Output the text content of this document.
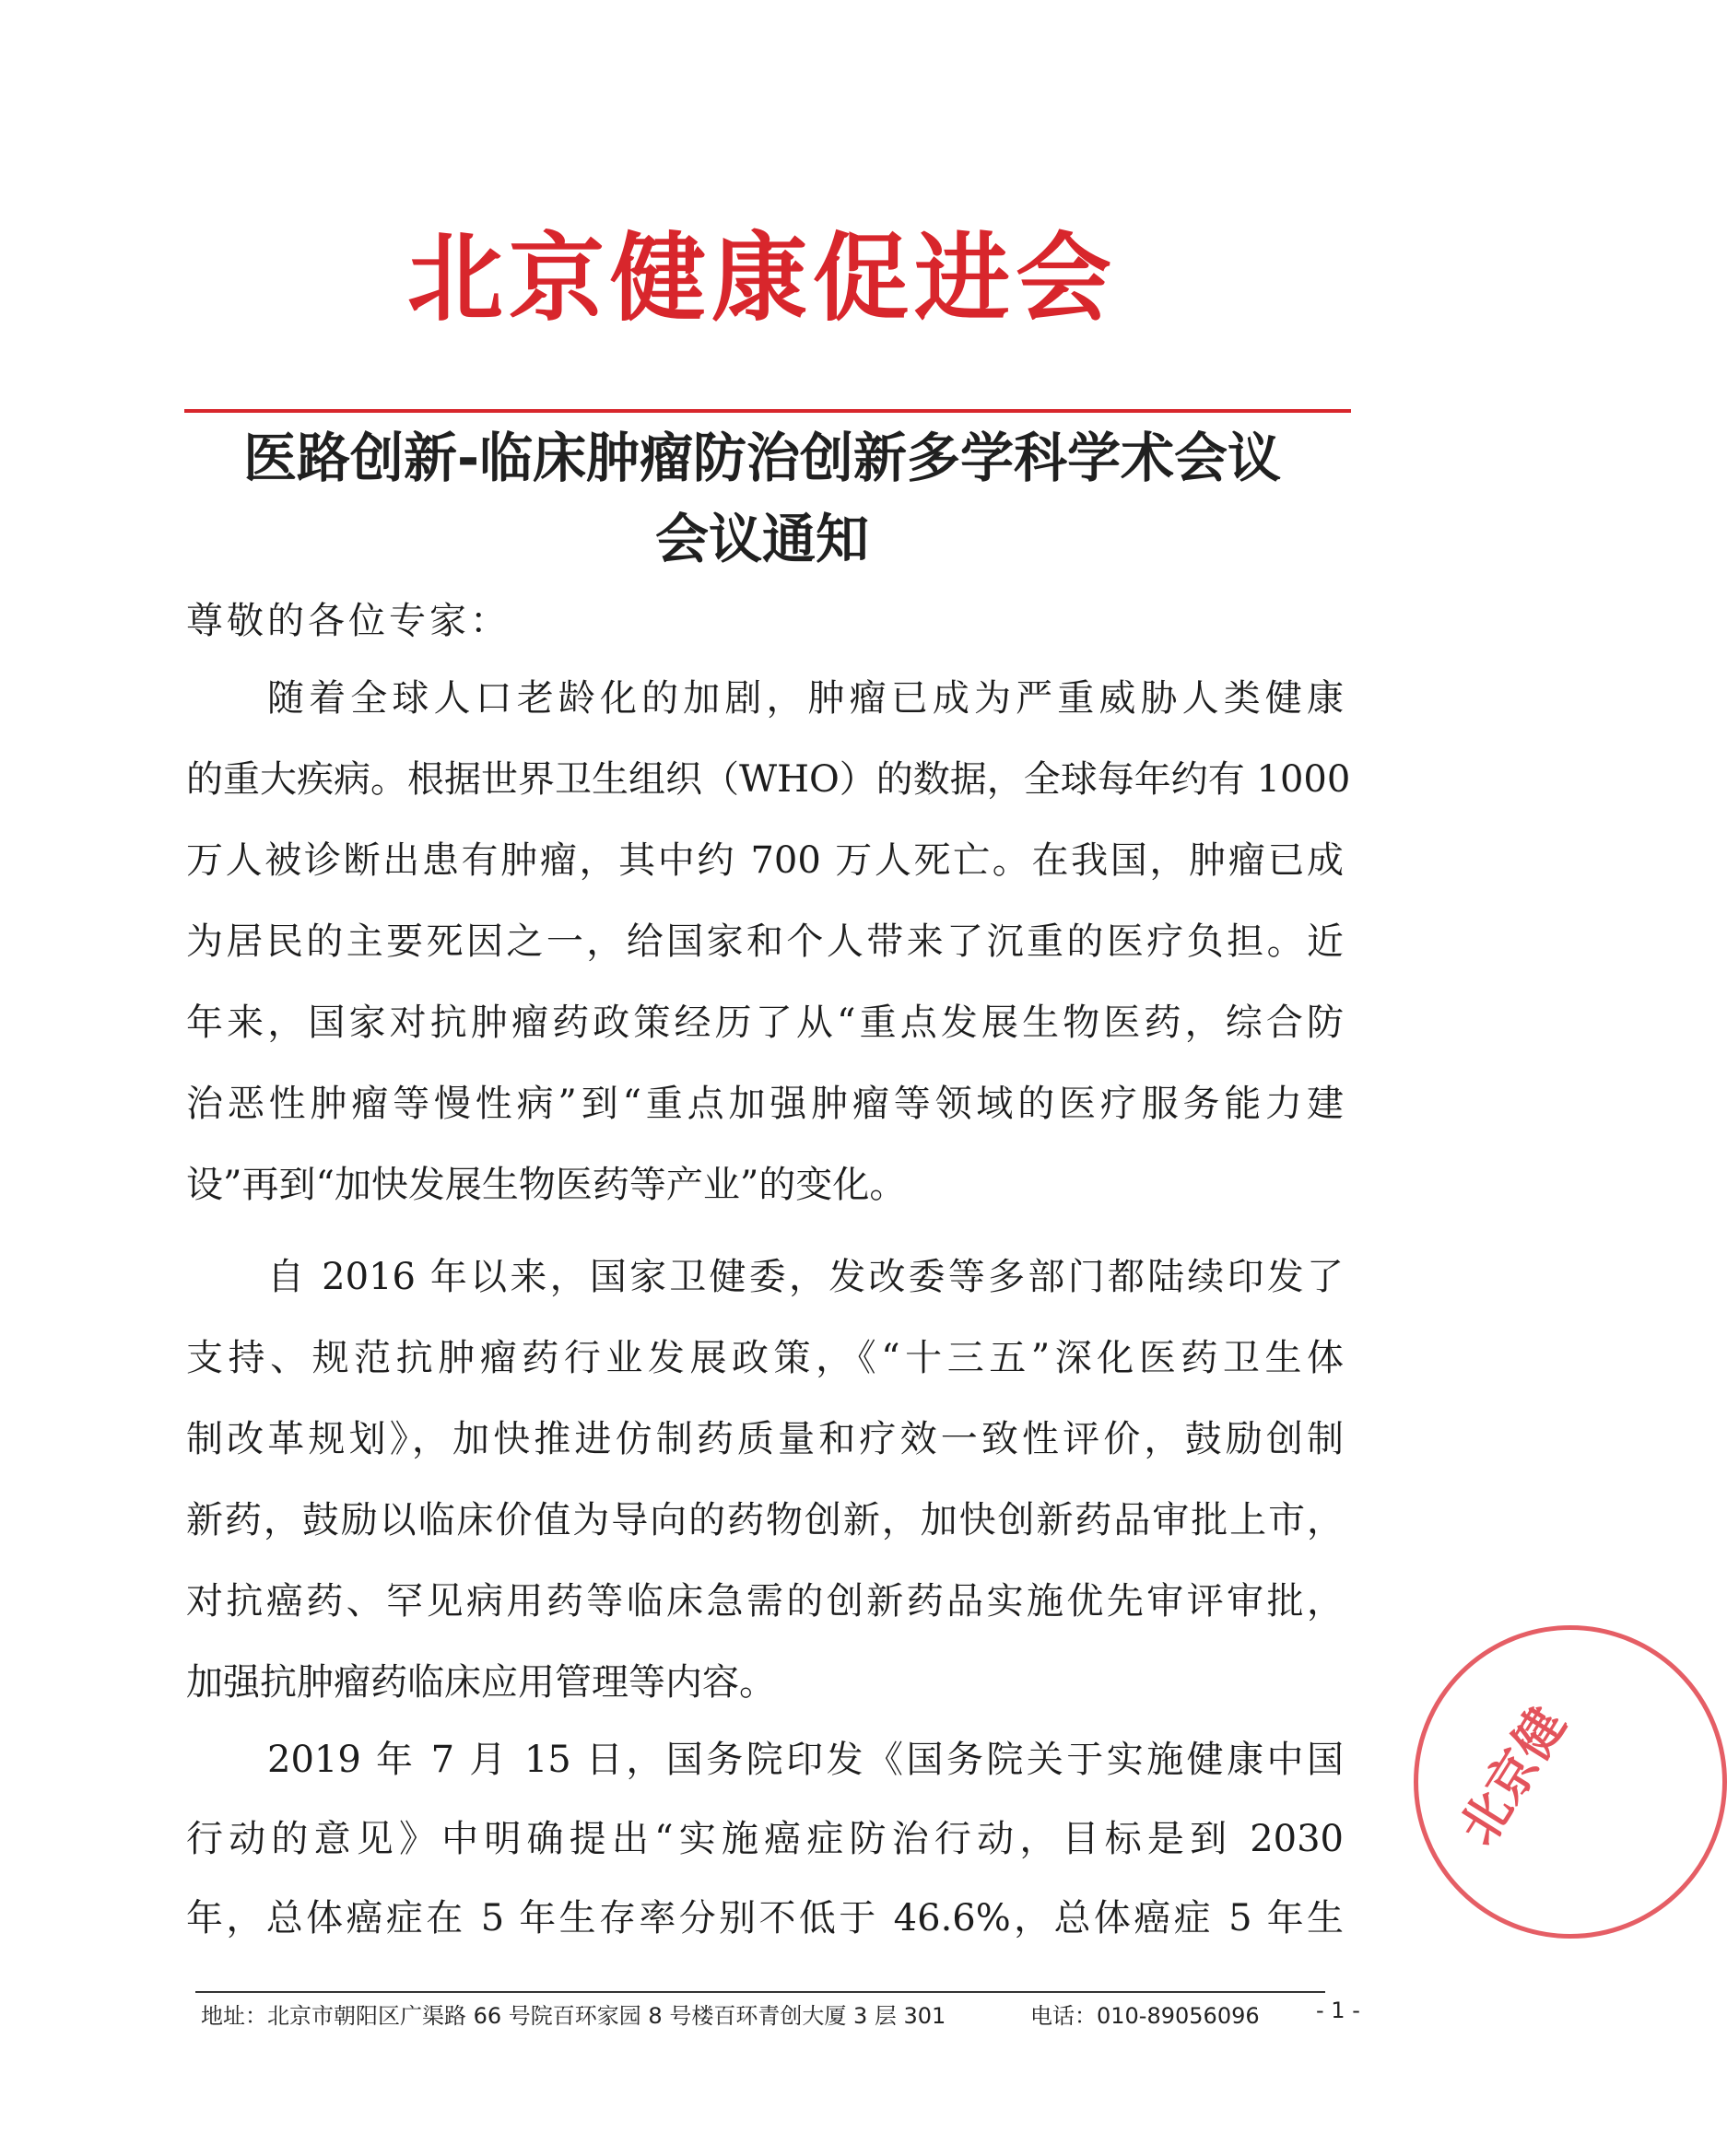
北京健康促进会
医路创新-临床肿瘤防治创新多学科学术会议
会议通知
尊敬的各位专家：
随着全球人口老龄化的加剧，肿瘤已成为严重威胁人类健康
的重大疾病。根据世界卫生组织（WHO）的数据，全球每年约有 1000
万人被诊断出患有肿瘤，其中约 700 万人死亡。在我国，肿瘤已成
为居民的主要死因之一，给国家和个人带来了沉重的医疗负担。近
年来，国家对抗肿瘤药政策经历了从“重点发展生物医药，综合防
治恶性肿瘤等慢性病”到“重点加强肿瘤等领域的医疗服务能力建
设”再到“加快发展生物医药等产业”的变化。
自 2016 年以来，国家卫健委，发改委等多部门都陆续印发了
支持、规范抗肿瘤药行业发展政策，《“十三五”深化医药卫生体
制改革规划》，加快推进仿制药质量和疗效一致性评价，鼓励创制
新药，鼓励以临床价值为导向的药物创新，加快创新药品审批上市，
对抗癌药、罕见病用药等临床急需的创新药品实施优先审评审批，
加强抗肿瘤药临床应用管理等内容。
2019 年 7 月 15 日，国务院印发《国务院关于实施健康中国
行动的意见》中明确提出“实施癌症防治行动，目标是到 2030
年，总体癌症在 5 年生存率分别不低于 46.6%，总体癌症 5 年生
北京健
地址：北京市朝阳区广渠路 66 号院百环家园 8 号楼百环青创大厦 3 层 301	电话：010-89056096	- 1 -
